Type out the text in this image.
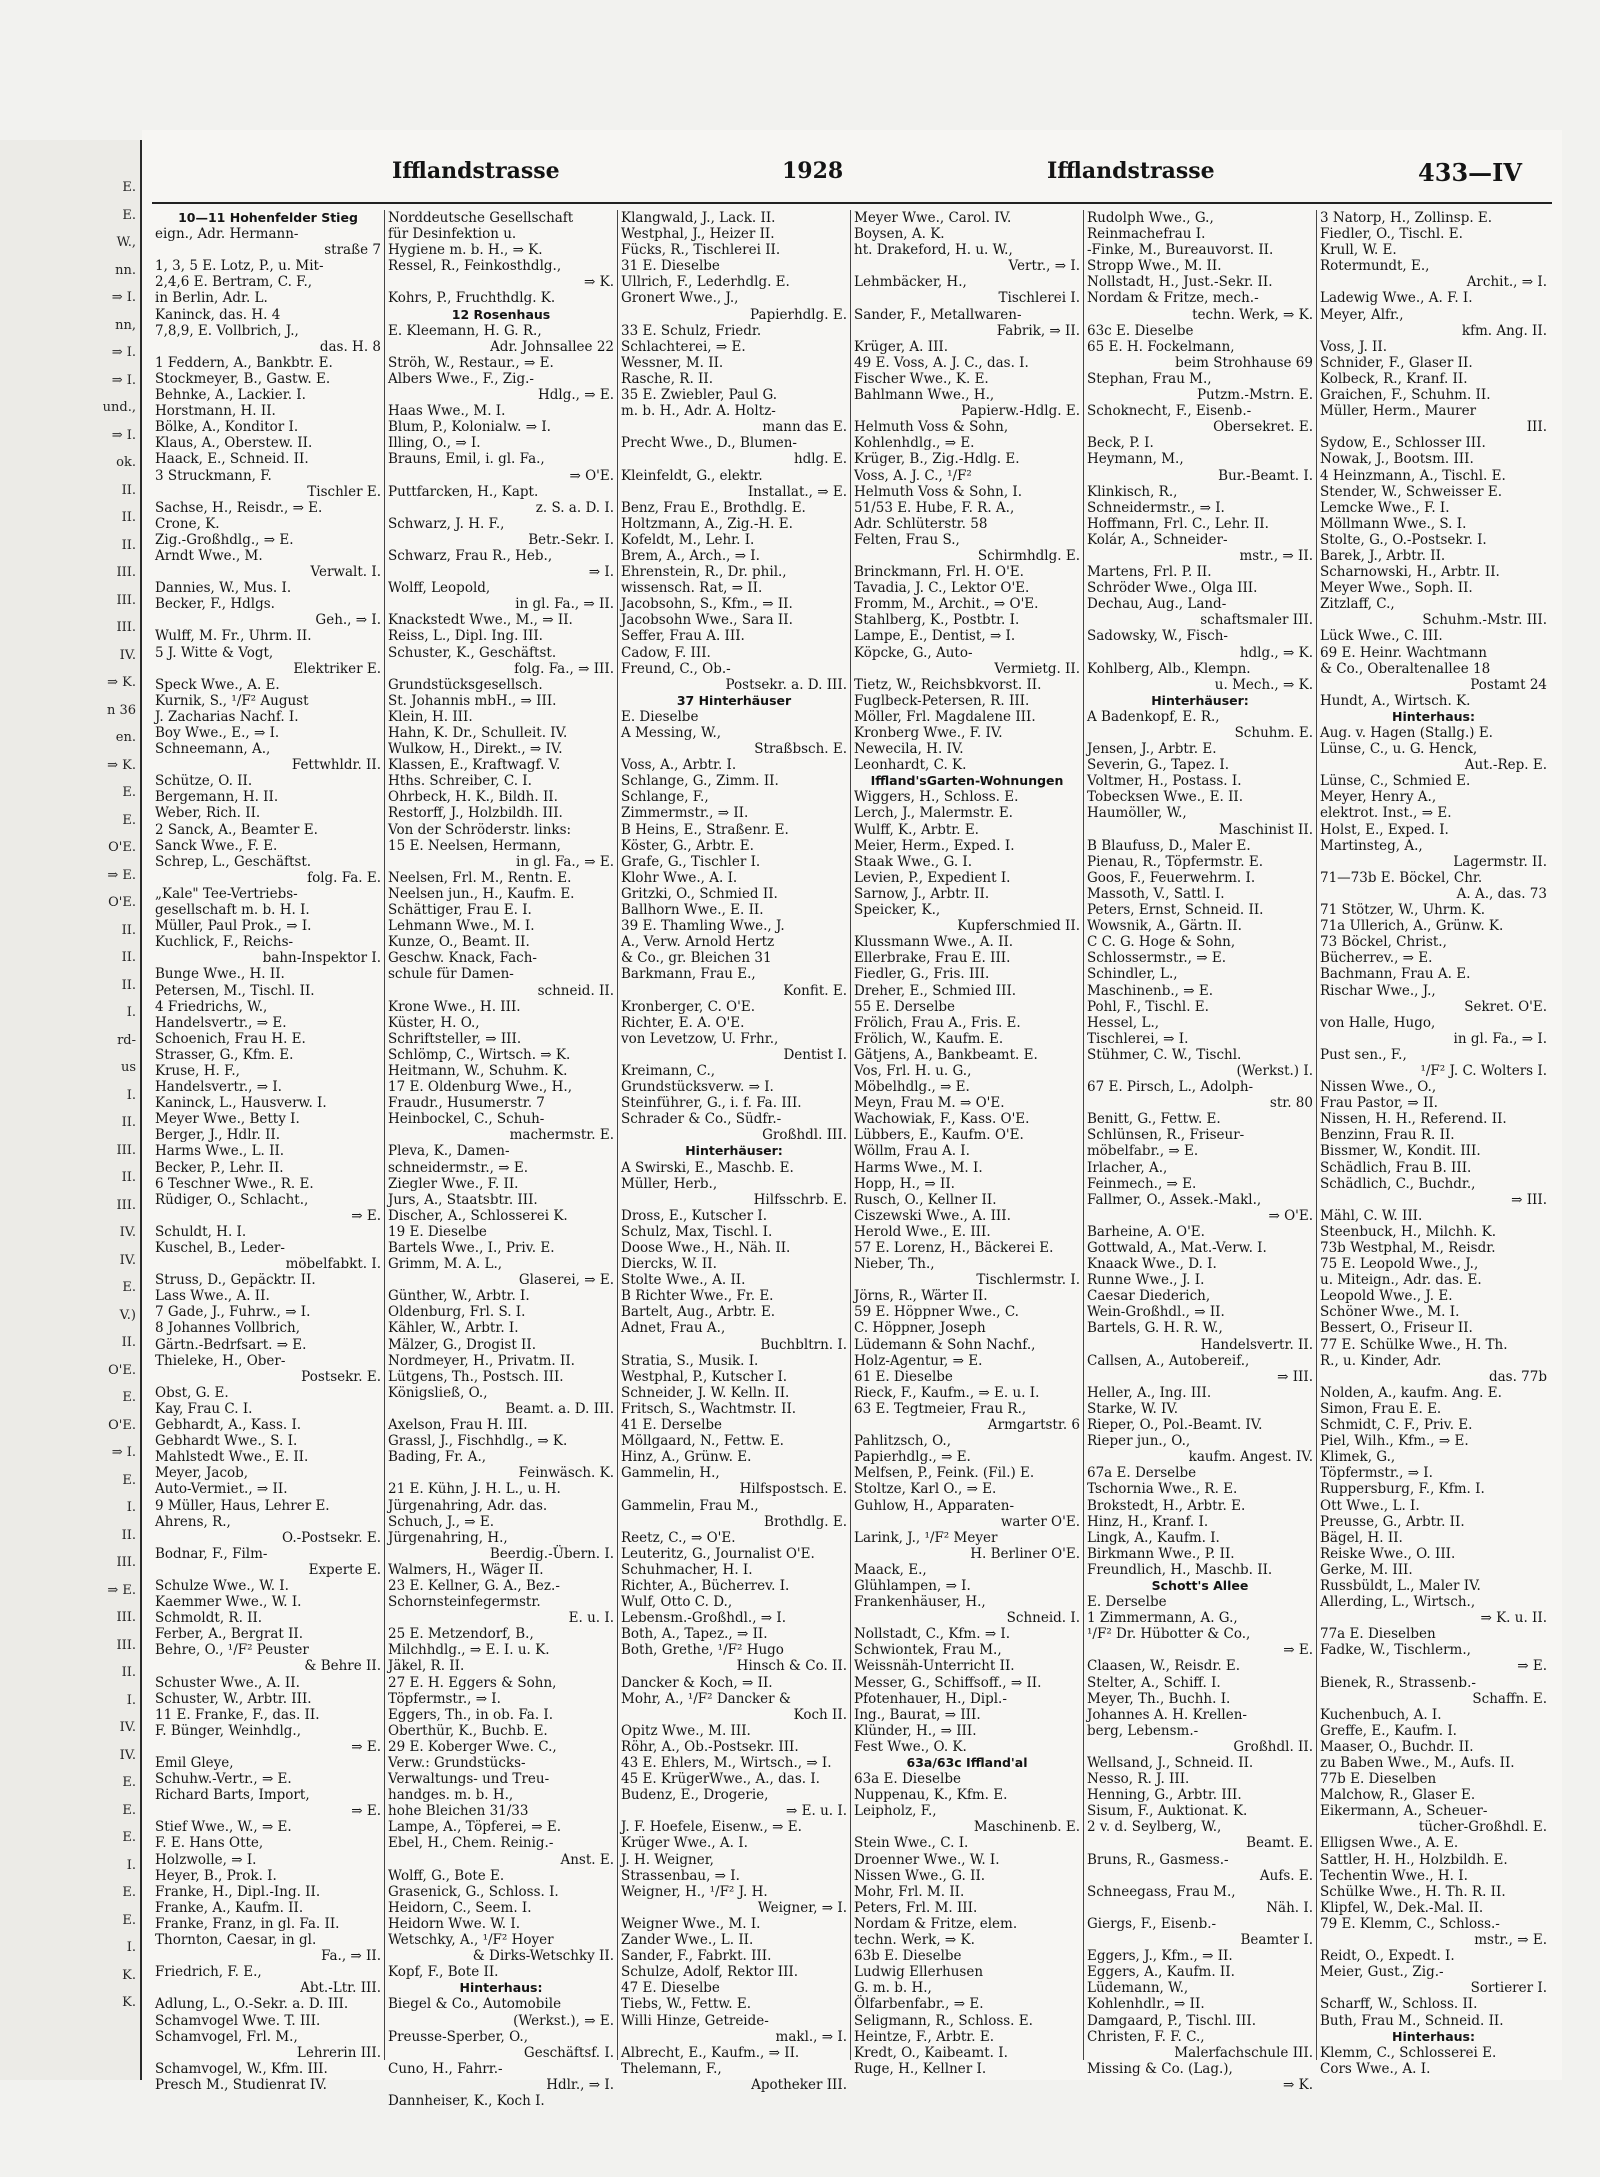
E.
E.
W.,
nn.
⇒ I.
nn,
⇒ I.
⇒ I.
und.,
⇒ I.
ok.
II.
II.
II.
III.
III.
III.
IV.
⇒ K.
n 36
en.
⇒ K.
E.
E.
O'E.
⇒ E.
O'E.
II.
II.
II.
I.
rd-
us
I.
II.
III.
II.
III.
IV.
IV.
E.
V.)
II.
O'E.
E.
O'E.
⇒ I.
E.
I.
II.
III.
⇒ E.
III.
III.
II.
I.
IV.
IV.
E.
E.
E.
I.
E.
E.
I.
K.
K.
Ifflandstrasse	1928	Ifflandstrasse	433—IV
10—11 Hohenfelder Stieg
eign., Adr. Hermann-
straße 7
1, 3, 5 E. Lotz, P., u. Mit-
2,4,6 E. Bertram, C. F.,
in Berlin, Adr. L.
Kaninck, das. H. 4
7,8,9, E. Vollbrich, J.,
das. H. 8
1 Feddern, A., Bankbtr. E.
Stockmeyer, B., Gastw. E.
Behnke, A., Lackier. I.
Horstmann, H. II.
Bölke, A., Konditor I.
Klaus, A., Oberstew. II.
Haack, E., Schneid. II.
3 Struckmann, F.
Tischler E.
Sachse, H., Reisdr., ⇒ E.
Crone, K.
Zig.-Großhdlg., ⇒ E.
Arndt Wwe., M.
Verwalt. I.
Dannies, W., Mus. I.
Becker, F., Hdlgs.
Geh., ⇒ I.
Wulff, M. Fr., Uhrm. II.
5 J. Witte & Vogt,
Elektriker E.
Speck Wwe., A. E.
Kurnik, S., ¹/F² August
J. Zacharias Nachf. I.
Boy Wwe., E., ⇒ I.
Schneemann, A.,
Fettwhldr. II.
Schütze, O. II.
Bergemann, H. II.
Weber, Rich. II.
2 Sanck, A., Beamter E.
Sanck Wwe., F. E.
Schrep, L., Geschäftst.
folg. Fa. E.
„Kale" Tee-Vertriebs-
gesellschaft m. b. H. I.
Müller, Paul Prok., ⇒ I.
Kuchlick, F., Reichs-
bahn-Inspektor I.
Bunge Wwe., H. II.
Petersen, M., Tischl. II.
4 Friedrichs, W.,
Handelsvertr., ⇒ E.
Schoenich, Frau H. E.
Strasser, G., Kfm. E.
Kruse, H. F.,
Handelsvertr., ⇒ I.
Kaninck, L., Hausverw. I.
Meyer Wwe., Betty I.
Berger, J., Hdlr. II.
Harms Wwe., L. II.
Becker, P., Lehr. II.
6 Teschner Wwe., R. E.
Rüdiger, O., Schlacht.,
⇒ E.
Schuldt, H. I.
Kuschel, B., Leder-
möbelfabkt. I.
Struss, D., Gepäcktr. II.
Lass Wwe., A. II.
7 Gade, J., Fuhrw., ⇒ I.
8 Johannes Vollbrich,
Gärtn.-Bedrfsart. ⇒ E.
Thieleke, H., Ober-
Postsekr. E.
Obst, G. E.
Kay, Frau C. I.
Gebhardt, A., Kass. I.
Gebhardt Wwe., S. I.
Mahlstedt Wwe., E. II.
Meyer, Jacob,
Auto-Vermiet., ⇒ II.
9 Müller, Haus, Lehrer E.
Ahrens, R.,
O.-Postsekr. E.
Bodnar, F., Film-
Experte E.
Schulze Wwe., W. I.
Kaemmer Wwe., W. I.
Schmoldt, R. II.
Ferber, A., Bergrat II.
Behre, O., ¹/F² Peuster
& Behre II.
Schuster Wwe., A. II.
Schuster, W., Arbtr. III.
11 E. Franke, F., das. II.
F. Bünger, Weinhdlg.,
⇒ E.
Emil Gleye,
Schuhw.-Vertr., ⇒ E.
Richard Barts, Import,
⇒ E.
Stief Wwe., W., ⇒ E.
F. E. Hans Otte,
Holzwolle, ⇒ I.
Heyer, B., Prok. I.
Franke, H., Dipl.-Ing. II.
Franke, A., Kaufm. II.
Franke, Franz, in gl. Fa. II.
Thornton, Caesar, in gl.
Fa., ⇒ II.
Friedrich, F. E.,
Abt.-Ltr. III.
Adlung, L., O.-Sekr. a. D. III.
Schamvogel Wwe. T. III.
Schamvogel, Frl. M.,
Lehrerin III.
Schamvogel, W., Kfm. III.
Presch M., Studienrat IV.
Norddeutsche Gesellschaft
für Desinfektion u.
Hygiene m. b. H., ⇒ K.
Ressel, R., Feinkosthdlg.,
⇒ K.
Kohrs, P., Fruchthdlg. K.
12 Rosenhaus
E. Kleemann, H. G. R.,
Adr. Johnsallee 22
Ströh, W., Restaur., ⇒ E.
Albers Wwe., F., Zig.-
Hdlg., ⇒ E.
Haas Wwe., M. I.
Blum, P., Kolonialw. ⇒ I.
Illing, O., ⇒ I.
Brauns, Emil, i. gl. Fa.,
⇒ O'E.
Puttfarcken, H., Kapt.
z. S. a. D. I.
Schwarz, J. H. F.,
Betr.-Sekr. I.
Schwarz, Frau R., Heb.,
⇒ I.
Wolff, Leopold,
in gl. Fa., ⇒ II.
Knackstedt Wwe., M., ⇒ II.
Reiss, L., Dipl. Ing. III.
Schuster, K., Geschäftst.
folg. Fa., ⇒ III.
Grundstücksgesellsch.
St. Johannis mbH., ⇒ III.
Klein, H. III.
Hahn, K. Dr., Schulleit. IV.
Wulkow, H., Direkt., ⇒ IV.
Klassen, E., Kraftwagf. V.
Hths. Schreiber, C. I.
Ohrbeck, H. K., Bildh. II.
Restorff, J., Holzbildh. III.
Von der Schröderstr. links:
15 E. Neelsen, Hermann,
in gl. Fa., ⇒ E.
Neelsen, Frl. M., Rentn. E.
Neelsen jun., H., Kaufm. E.
Schättiger, Frau E. I.
Lehmann Wwe., M. I.
Kunze, O., Beamt. II.
Geschw. Knack, Fach-
schule für Damen-
schneid. II.
Krone Wwe., H. III.
Küster, H. O.,
Schriftsteller, ⇒ III.
Schlömp, C., Wirtsch. ⇒ K.
Heitmann, W., Schuhm. K.
17 E. Oldenburg Wwe., H.,
Fraudr., Husumerstr. 7
Heinbockel, C., Schuh-
machermstr. E.
Pleva, K., Damen-
schneidermstr., ⇒ E.
Ziegler Wwe., F. II.
Jurs, A., Staatsbtr. III.
Discher, A., Schlosserei K.
19 E. Dieselbe
Bartels Wwe., I., Priv. E.
Grimm, M. A. L.,
Glaserei, ⇒ E.
Günther, W., Arbtr. I.
Oldenburg, Frl. S. I.
Kähler, W., Arbtr. I.
Mälzer, G., Drogist II.
Nordmeyer, H., Privatm. II.
Lütgens, Th., Postsch. III.
Königsließ, O.,
Beamt. a. D. III.
Axelson, Frau H. III.
Grassl, J., Fischhdlg., ⇒ K.
Bading, Fr. A.,
Feinwäsch. K.
21 E. Kühn, J. H. L., u. H.
Jürgenahring, Adr. das.
Schuch, J., ⇒ E.
Jürgenahring, H.,
Beerdig.-Übern. I.
Walmers, H., Wäger II.
23 E. Kellner, G. A., Bez.-
Schornsteinfegermstr.
E. u. I.
25 E. Metzendorf, B.,
Milchhdlg., ⇒ E. I. u. K.
Jäkel, R. II.
27 E. H. Eggers & Sohn,
Töpfermstr., ⇒ I.
Eggers, Th., in ob. Fa. I.
Oberthür, K., Buchb. E.
29 E. Koberger Wwe. C.,
Verw.: Grundstücks-
Verwaltungs- und Treu-
handges. m. b. H.,
hohe Bleichen 31/33
Lampe, A., Töpferei, ⇒ E.
Ebel, H., Chem. Reinig.-
Anst. E.
Wolff, G., Bote E.
Grasenick, G., Schloss. I.
Heidorn, C., Seem. I.
Heidorn Wwe. W. I.
Wetschky, A., ¹/F² Hoyer
& Dirks-Wetschky II.
Kopf, F., Bote II.
Hinterhaus:
Biegel & Co., Automobile
(Werkst.), ⇒ E.
Preusse-Sperber, O.,
Geschäftsf. I.
Cuno, H., Fahrr.-
Hdlr., ⇒ I.
Dannheiser, K., Koch I.
Klangwald, J., Lack. II.
Westphal, J., Heizer II.
Fücks, R., Tischlerei II.
31 E. Dieselbe
Ullrich, F., Lederhdlg. E.
Gronert Wwe., J.,
Papierhdlg. E.
33 E. Schulz, Friedr.
Schlachterei, ⇒ E.
Wessner, M. II.
Rasche, R. II.
35 E. Zwiebler, Paul G.
m. b. H., Adr. A. Holtz-
mann das E.
Precht Wwe., D., Blumen-
hdlg. E.
Kleinfeldt, G., elektr.
Installat., ⇒ E.
Benz, Frau E., Brothdlg. E.
Holtzmann, A., Zig.-H. E.
Kofeldt, M., Lehr. I.
Brem, A., Arch., ⇒ I.
Ehrenstein, R., Dr. phil.,
wissensch. Rat, ⇒ II.
Jacobsohn, S., Kfm., ⇒ II.
Jacobsohn Wwe., Sara II.
Seffer, Frau A. III.
Cadow, F. III.
Freund, C., Ob.-
Postsekr. a. D. III.
37 Hinterhäuser
E. Dieselbe
A Messing, W.,
Straßbsch. E.
Voss, A., Arbtr. I.
Schlange, G., Zimm. II.
Schlange, F.,
Zimmermstr., ⇒ II.
B Heins, E., Straßenr. E.
Köster, G., Arbtr. E.
Grafe, G., Tischler I.
Klohr Wwe., A. I.
Gritzki, O., Schmied II.
Ballhorn Wwe., E. II.
39 E. Thamling Wwe., J.
A., Verw. Arnold Hertz
& Co., gr. Bleichen 31
Barkmann, Frau E.,
Konfit. E.
Kronberger, C. O'E.
Richter, E. A. O'E.
von Levetzow, U. Frhr.,
Dentist I.
Kreimann, C.,
Grundstücksverw. ⇒ I.
Steinführer, G., i. f. Fa. III.
Schrader & Co., Südfr.-
Großhdl. III.
Hinterhäuser:
A Swirski, E., Maschb. E.
Müller, Herb.,
Hilfsschrb. E.
Dross, E., Kutscher I.
Schulz, Max, Tischl. I.
Doose Wwe., H., Näh. II.
Diercks, W. II.
Stolte Wwe., A. II.
B Richter Wwe., Fr. E.
Bartelt, Aug., Arbtr. E.
Adnet, Frau A.,
Buchbltrn. I.
Stratia, S., Musik. I.
Westphal, P., Kutscher I.
Schneider, J. W. Kelln. II.
Fritsch, S., Wachtmstr. II.
41 E. Derselbe
Möllgaard, N., Fettw. E.
Hinz, A., Grünw. E.
Gammelin, H.,
Hilfspostsch. E.
Gammelin, Frau M.,
Brothdlg. E.
Reetz, C., ⇒ O'E.
Leuteritz, G., Journalist O'E.
Schuhmacher, H. I.
Richter, A., Bücherrev. I.
Wulf, Otto C. D.,
Lebensm.-Großhdl., ⇒ I.
Both, A., Tapez., ⇒ II.
Both, Grethe, ¹/F² Hugo
Hinsch & Co. II.
Dancker & Koch, ⇒ II.
Mohr, A., ¹/F² Dancker &
Koch II.
Opitz Wwe., M. III.
Röhr, A., Ob.-Postsekr. III.
43 E. Ehlers, M., Wirtsch., ⇒ I.
45 E. KrügerWwe., A., das. I.
Budenz, E., Drogerie,
⇒ E. u. I.
J. F. Hoefele, Eisenw., ⇒ E.
Krüger Wwe., A. I.
J. H. Weigner,
Strassenbau, ⇒ I.
Weigner, H., ¹/F² J. H.
Weigner, ⇒ I.
Weigner Wwe., M. I.
Zander Wwe., L. II.
Sander, F., Fabrkt. III.
Schulze, Adolf, Rektor III.
47 E. Dieselbe
Tiebs, W., Fettw. E.
Willi Hinze, Getreide-
makl., ⇒ I.
Albrecht, E., Kaufm., ⇒ II.
Thelemann, F.,
Apotheker III.
Meyer Wwe., Carol. IV.
Boysen, A. K.
ht. Drakeford, H. u. W.,
Vertr., ⇒ I.
Lehmbäcker, H.,
Tischlerei I.
Sander, F., Metallwaren-
Fabrik, ⇒ II.
Krüger, A. III.
49 E. Voss, A. J. C., das. I.
Fischer Wwe., K. E.
Bahlmann Wwe., H.,
Papierw.-Hdlg. E.
Helmuth Voss & Sohn,
Kohlenhdlg., ⇒ E.
Krüger, B., Zig.-Hdlg. E.
Voss, A. J. C., ¹/F²
Helmuth Voss & Sohn, I.
51/53 E. Hube, F. R. A.,
Adr. Schlüterstr. 58
Felten, Frau S.,
Schirmhdlg. E.
Brinckmann, Frl. H. O'E.
Tavadia, J. C., Lektor O'E.
Fromm, M., Archit., ⇒ O'E.
Stahlberg, K., Postbtr. I.
Lampe, E., Dentist, ⇒ I.
Köpcke, G., Auto-
Vermietg. II.
Tietz, W., Reichsbkvorst. II.
Fuglbeck-Petersen, R. III.
Möller, Frl. Magdalene III.
Kronberg Wwe., F. IV.
Newecila, H. IV.
Leonhardt, C. K.
Iffland'sGarten-Wohnungen
Wiggers, H., Schloss. E.
Lerch, J., Malermstr. E.
Wulff, K., Arbtr. E.
Meier, Herm., Exped. I.
Staak Wwe., G. I.
Levien, P., Expedient I.
Sarnow, J., Arbtr. II.
Speicker, K.,
Kupferschmied II.
Klussmann Wwe., A. II.
Ellerbrake, Frau E. III.
Fiedler, G., Fris. III.
Dreher, E., Schmied III.
55 E. Derselbe
Frölich, Frau A., Fris. E.
Frölich, W., Kaufm. E.
Gätjens, A., Bankbeamt. E.
Vos, Frl. H. u. G.,
Möbelhdlg., ⇒ E.
Meyn, Frau M. ⇒ O'E.
Wachowiak, F., Kass. O'E.
Lübbers, E., Kaufm. O'E.
Wöllm, Frau A. I.
Harms Wwe., M. I.
Hopp, H., ⇒ II.
Rusch, O., Kellner II.
Ciszewski Wwe., A. III.
Herold Wwe., E. III.
57 E. Lorenz, H., Bäckerei E.
Nieber, Th.,
Tischlermstr. I.
Jörns, R., Wärter II.
59 E. Höppner Wwe., C.
C. Höppner, Joseph
Lüdemann & Sohn Nachf.,
Holz-Agentur, ⇒ E.
61 E. Dieselbe
Rieck, F., Kaufm., ⇒ E. u. I.
63 E. Tegtmeier, Frau R.,
Armgartstr. 6
Pahlitzsch, O.,
Papierhdlg., ⇒ E.
Melfsen, P., Feink. (Fil.) E.
Stoltze, Karl O., ⇒ E.
Guhlow, H., Apparaten-
warter O'E.
Larink, J., ¹/F² Meyer
H. Berliner O'E.
Maack, E.,
Glühlampen, ⇒ I.
Frankenhäuser, H.,
Schneid. I.
Nollstadt, C., Kfm. ⇒ I.
Schwiontek, Frau M.,
Weissnäh-Unterricht II.
Messer, G., Schiffsoff., ⇒ II.
Pfotenhauer, H., Dipl.-
Ing., Baurat, ⇒ III.
Klünder, H., ⇒ III.
Fest Wwe., O. K.
63a/63c Iffland'al
63a E. Dieselbe
Nuppenau, K., Kfm. E.
Leipholz, F.,
Maschinenb. E.
Stein Wwe., C. I.
Droenner Wwe., W. I.
Nissen Wwe., G. II.
Mohr, Frl. M. II.
Peters, Frl. M. III.
Nordam & Fritze, elem.
techn. Werk, ⇒ K.
63b E. Dieselbe
Ludwig Ellerhusen
G. m. b. H.,
Ölfarbenfabr., ⇒ E.
Seligmann, R., Schloss. E.
Heintze, F., Arbtr. E.
Kredt, O., Kaibeamt. I.
Ruge, H., Kellner I.
Rudolph Wwe., G.,
Reinmachefrau I.
-Finke, M., Bureauvorst. II.
Stropp Wwe., M. II.
Nollstadt, H., Just.-Sekr. II.
Nordam & Fritze, mech.-
techn. Werk, ⇒ K.
63c E. Dieselbe
65 E. H. Fockelmann,
beim Strohhause 69
Stephan, Frau M.,
Putzm.-Mstrn. E.
Schoknecht, F., Eisenb.-
Obersekret. E.
Beck, P. I.
Heymann, M.,
Bur.-Beamt. I.
Klinkisch, R.,
Schneidermstr., ⇒ I.
Hoffmann, Frl. C., Lehr. II.
Kolár, A., Schneider-
mstr., ⇒ II.
Martens, Frl. P. II.
Schröder Wwe., Olga III.
Dechau, Aug., Land-
schaftsmaler III.
Sadowsky, W., Fisch-
hdlg., ⇒ K.
Kohlberg, Alb., Klempn.
u. Mech., ⇒ K.
Hinterhäuser:
A Badenkopf, E. R.,
Schuhm. E.
Jensen, J., Arbtr. E.
Severin, G., Tapez. I.
Voltmer, H., Postass. I.
Tobecksen Wwe., E. II.
Haumöller, W.,
Maschinist II.
B Blaufuss, D., Maler E.
Pienau, R., Töpfermstr. E.
Goos, F., Feuerwehrm. I.
Massoth, V., Sattl. I.
Peters, Ernst, Schneid. II.
Wowsnik, A., Gärtn. II.
C C. G. Hoge & Sohn,
Schlossermstr., ⇒ E.
Schindler, L.,
Maschinenb., ⇒ E.
Pohl, F., Tischl. E.
Hessel, L.,
Tischlerei, ⇒ I.
Stühmer, C. W., Tischl.
(Werkst.) I.
67 E. Pirsch, L., Adolph-
str. 80
Benitt, G., Fettw. E.
Schlünsen, R., Friseur-
möbelfabr., ⇒ E.
Irlacher, A.,
Feinmech., ⇒ E.
Fallmer, O., Assek.-Makl.,
⇒ O'E.
Barheine, A. O'E.
Gottwald, A., Mat.-Verw. I.
Knaack Wwe., D. I.
Runne Wwe., J. I.
Caesar Diederich,
Wein-Großhdl., ⇒ II.
Bartels, G. H. R. W.,
Handelsvertr. II.
Callsen, A., Autobereif.,
⇒ III.
Heller, A., Ing. III.
Starke, W. IV.
Rieper, O., Pol.-Beamt. IV.
Rieper jun., O.,
kaufm. Angest. IV.
67a E. Derselbe
Tschornia Wwe., R. E.
Brokstedt, H., Arbtr. E.
Hinz, H., Kranf. I.
Lingk, A., Kaufm. I.
Birkmann Wwe., P. II.
Freundlich, H., Maschb. II.
Schott's Allee
E. Derselbe
1 Zimmermann, A. G.,
¹/F² Dr. Hübotter & Co.,
⇒ E.
Claasen, W., Reisdr. E.
Stelter, A., Schiff. I.
Meyer, Th., Buchh. I.
Johannes A. H. Krellen-
berg, Lebensm.-
Großhdl. II.
Wellsand, J., Schneid. II.
Nesso, R. J. III.
Henning, G., Arbtr. III.
Sisum, F., Auktionat. K.
2 v. d. Seylberg, W.,
Beamt. E.
Bruns, R., Gasmess.-
Aufs. E.
Schneegass, Frau M.,
Näh. I.
Giergs, F., Eisenb.-
Beamter I.
Eggers, J., Kfm., ⇒ II.
Eggers, A., Kaufm. II.
Lüdemann, W.,
Kohlenhdlr., ⇒ II.
Damgaard, P., Tischl. III.
Christen, F. F. C.,
Malerfachschule III.
Missing & Co. (Lag.),
⇒ K.
3 Natorp, H., Zollinsp. E.
Fiedler, O., Tischl. E.
Krull, W. E.
Rotermundt, E.,
Archit., ⇒ I.
Ladewig Wwe., A. F. I.
Meyer, Alfr.,
kfm. Ang. II.
Voss, J. II.
Schnider, F., Glaser II.
Kolbeck, R., Kranf. II.
Graichen, F., Schuhm. II.
Müller, Herm., Maurer
III.
Sydow, E., Schlosser III.
Nowak, J., Bootsm. III.
4 Heinzmann, A., Tischl. E.
Stender, W., Schweisser E.
Lemcke Wwe., F. I.
Möllmann Wwe., S. I.
Stolte, G., O.-Postsekr. I.
Barek, J., Arbtr. II.
Scharnowski, H., Arbtr. II.
Meyer Wwe., Soph. II.
Zitzlaff, C.,
Schuhm.-Mstr. III.
Lück Wwe., C. III.
69 E. Heinr. Wachtmann
& Co., Oberaltenallee 18
Postamt 24
Hundt, A., Wirtsch. K.
Hinterhaus:
Aug. v. Hagen (Stallg.) E.
Lünse, C., u. G. Henck,
Aut.-Rep. E.
Lünse, C., Schmied E.
Meyer, Henry A.,
elektrot. Inst., ⇒ E.
Holst, E., Exped. I.
Martinsteg, A.,
Lagermstr. II.
71—73b E. Böckel, Chr.
A. A., das. 73
71 Stötzer, W., Uhrm. K.
71a Ullerich, A., Grünw. K.
73 Böckel, Christ.,
Bücherrev., ⇒ E.
Bachmann, Frau A. E.
Rischar Wwe., J.,
Sekret. O'E.
von Halle, Hugo,
in gl. Fa., ⇒ I.
Pust sen., F.,
¹/F² J. C. Wolters I.
Nissen Wwe., O.,
Frau Pastor, ⇒ II.
Nissen, H. H., Referend. II.
Benzinn, Frau R. II.
Bissmer, W., Kondit. III.
Schädlich, Frau B. III.
Schädlich, C., Buchdr.,
⇒ III.
Mähl, C. W. III.
Steenbuck, H., Milchh. K.
73b Westphal, M., Reisdr.
75 E. Leopold Wwe., J.,
u. Miteign., Adr. das. E.
Leopold Wwe., J. E.
Schöner Wwe., M. I.
Bessert, O., Friseur II.
77 E. Schülke Wwe., H. Th.
R., u. Kinder, Adr.
das. 77b
Nolden, A., kaufm. Ang. E.
Simon, Frau E. E.
Schmidt, C. F., Priv. E.
Piel, Wilh., Kfm., ⇒ E.
Klimek, G.,
Töpfermstr., ⇒ I.
Ruppersburg, F., Kfm. I.
Ott Wwe., L. I.
Preusse, G., Arbtr. II.
Bägel, H. II.
Reiske Wwe., O. III.
Gerke, M. III.
Russbüldt, L., Maler IV.
Allerding, L., Wirtsch.,
⇒ K. u. II.
77a E. Dieselben
Fadke, W., Tischlerm.,
⇒ E.
Bienek, R., Strassenb.-
Schaffn. E.
Kuchenbuch, A. I.
Greffe, E., Kaufm. I.
Maaser, O., Buchdr. II.
zu Baben Wwe., M., Aufs. II.
77b E. Dieselben
Malchow, R., Glaser E.
Eikermann, A., Scheuer-
tücher-Großhdl. E.
Elligsen Wwe., A. E.
Sattler, H. H., Holzbildh. E.
Techentin Wwe., H. I.
Schülke Wwe., H. Th. R. II.
Klipfel, W., Dek.-Mal. II.
79 E. Klemm, C., Schloss.-
mstr., ⇒ E.
Reidt, O., Expedt. I.
Meier, Gust., Zig.-
Sortierer I.
Scharff, W., Schloss. II.
Buth, Frau M., Schneid. II.
Hinterhaus:
Klemm, C., Schlosserei E.
Cors Wwe., A. I.
